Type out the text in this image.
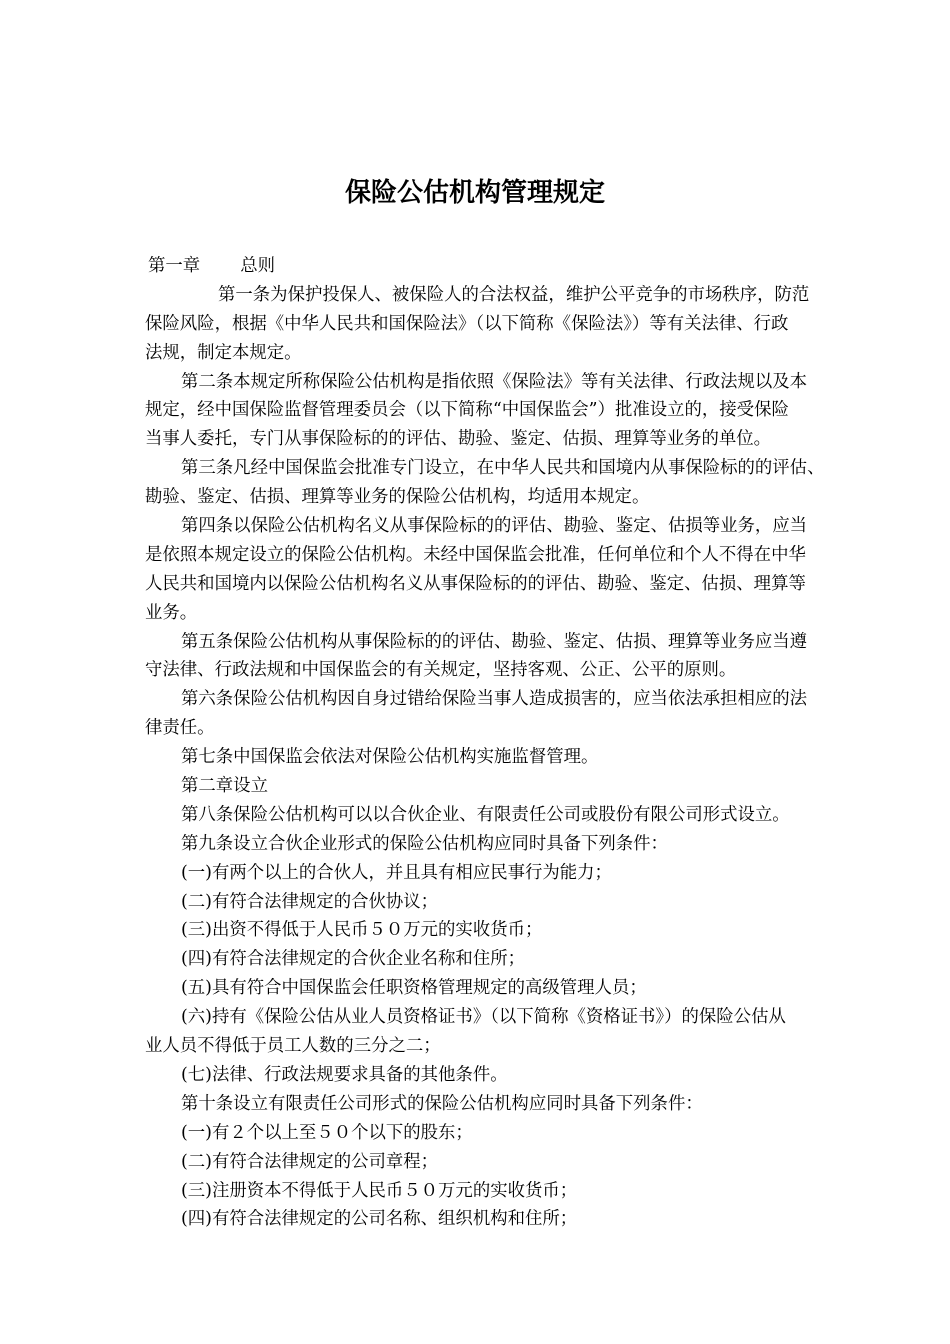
保险公估机构管理规定
第一章 总则
第一条为保护投保人、被保险人的合法权益，维护公平竞争的市场秩序，防范
保险风险，根据《中华人民共和国保险法》（以下简称《保险法》）等有关法律、行政
法规，制定本规定。
第二条本规定所称保险公估机构是指依照《保险法》等有关法律、行政法规以及本
规定，经中国保险监督管理委员会（以下简称“中国保监会”）批准设立的，接受保险
当事人委托，专门从事保险标的的评估、勘验、鉴定、估损、理算等业务的单位。
第三条凡经中国保监会批准专门设立，在中华人民共和国境内从事保险标的的评估、
勘验、鉴定、估损、理算等业务的保险公估机构，均适用本规定。
第四条以保险公估机构名义从事保险标的的评估、勘验、鉴定、估损等业务，应当
是依照本规定设立的保险公估机构。未经中国保监会批准，任何单位和个人不得在中华
人民共和国境内以保险公估机构名义从事保险标的的评估、勘验、鉴定、估损、理算等
业务。
第五条保险公估机构从事保险标的的评估、勘验、鉴定、估损、理算等业务应当遵
守法律、行政法规和中国保监会的有关规定，坚持客观、公正、公平的原则。
第六条保险公估机构因自身过错给保险当事人造成损害的，应当依法承担相应的法
律责任。
第七条中国保监会依法对保险公估机构实施监督管理。
第二章设立
第八条保险公估机构可以以合伙企业、有限责任公司或股份有限公司形式设立。
第九条设立合伙企业形式的保险公估机构应同时具备下列条件：
(一)有两个以上的合伙人，并且具有相应民事行为能力；
(二)有符合法律规定的合伙协议；
(三)出资不得低于人民币５０万元的实收货币；
(四)有符合法律规定的合伙企业名称和住所；
(五)具有符合中国保监会任职资格管理规定的高级管理人员；
(六)持有《保险公估从业人员资格证书》（以下简称《资格证书》）的保险公估从
业人员不得低于员工人数的三分之二；
(七)法律、行政法规要求具备的其他条件。
第十条设立有限责任公司形式的保险公估机构应同时具备下列条件：
(一)有２个以上至５０个以下的股东；
(二)有符合法律规定的公司章程；
(三)注册资本不得低于人民币５０万元的实收货币；
(四)有符合法律规定的公司名称、组织机构和住所；
